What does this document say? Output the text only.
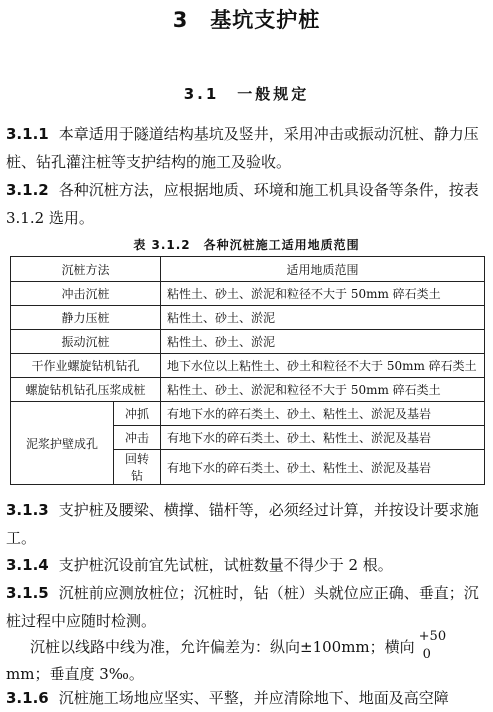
3　基坑支护桩
3.1　一般规定
3.1.1 本章适用于隧道结构基坑及竖井，采用冲击或振动沉桩、静力压桩、钻孔灌注桩等支护结构的施工及验收。
3.1.2 各种沉桩方法，应根据地质、环境和施工机具设备等条件，按表 3.1.2 选用。
表 3.1.2　各种沉桩施工适用地质范围
沉桩方法		适用地质范围
冲击沉桩		粘性土、砂土、淤泥和粒径不大于 50mm 碎石类土
静力压桩		粘性土、砂土、淤泥
振动沉桩		粘性土、砂土、淤泥
干作业螺旋钻机钻孔		地下水位以上粘性土、砂土和粒径不大于 50mm 碎石类土
螺旋钻机钻孔压浆成桩		粘性土、砂土、淤泥和粒径不大于 50mm 碎石类土
泥浆护壁成孔	冲抓	有地下水的碎石类土、砂土、粘性土、淤泥及基岩
	冲击	有地下水的碎石类土、砂土、粘性土、淤泥及基岩
	回转钻	有地下水的碎石类土、砂土、粘性土、淤泥及基岩
3.1.3 支护桩及腰梁、横撑、锚杆等，必须经过计算，并按设计要求施工。
3.1.4 支护桩沉设前宜先试桩，试桩数量不得少于 2 根。
3.1.5 沉桩前应测放桩位；沉桩时，钻（桩）头就位应正确、垂直；沉桩过程中应随时检测。
沉桩以线路中线为准，允许偏差为：纵向±100mm；横向
+50
0
mm；垂直度 3‰。
3.1.6 沉桩施工场地应坚实、平整，并应清除地下、地面及高空障
